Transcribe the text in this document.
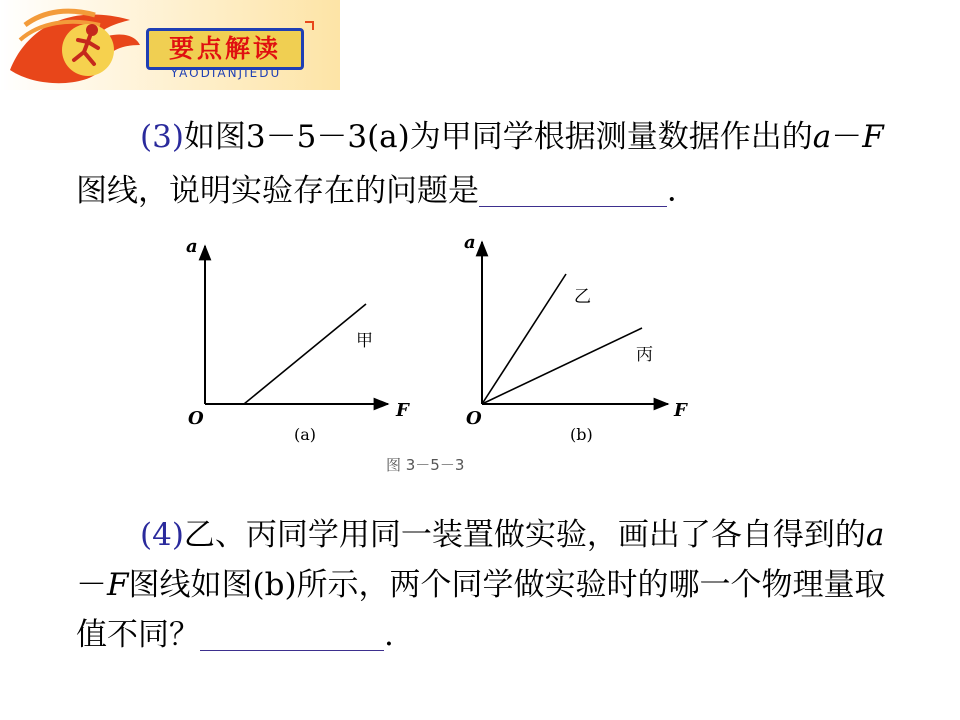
要点解读
YAODIANJIEDU
(3)如图3－5－3(a)为甲同学根据测量数据作出的a－F图线，说明实验存在的问题是	．
a
F
O
甲
(a)
a
F
O
乙
丙
(b)
图 3－5－3
(4)乙、丙同学用同一装置做实验，画出了各自得到的a－F图线如图(b)所示，两个同学做实验时的哪一个物理量取值不同？	.
